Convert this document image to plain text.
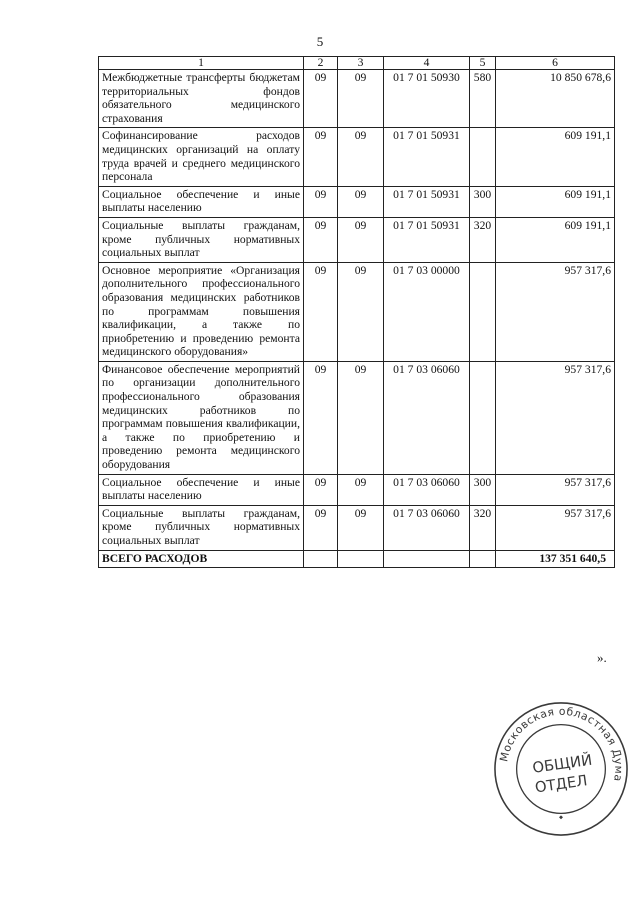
5
1	2	3	4	5	6
Межбюджетные трансферты бюджетам территориальных фондов обязательного медицинского страхования	09	09	01 7 01 50930	580	10 850 678,6
Софинансирование расходов медицинских организаций на оплату труда врачей и среднего медицинского персонала	09	09	01 7 01 50931		609 191,1
Социальное обеспечение и иные выплаты населению	09	09	01 7 01 50931	300	609 191,1
Социальные выплаты гражданам, кроме публичных нормативных социальных выплат	09	09	01 7 01 50931	320	609 191,1
Основное мероприятие «Организация дополнительного профессионального образования медицинских работников по программам повышения квалификации, а также по приобретению и проведению ремонта медицинского оборудования»	09	09	01 7 03 00000		957 317,6
Финансовое обеспечение мероприятий по организации дополнительного профессионального образования медицинских работников по программам повышения квалификации, а также по приобретению и проведению ремонта медицинского оборудования	09	09	01 7 03 06060		957 317,6
Социальное обеспечение и иные выплаты населению	09	09	01 7 03 06060	300	957 317,6
Социальные выплаты гражданам, кроме публичных нормативных социальных выплат	09	09	01 7 03 06060	320	957 317,6
ВСЕГО РАСХОДОВ					137 351 640,5
».
Московская областная Дума
ОБЩИЙ
ОТДЕЛ
